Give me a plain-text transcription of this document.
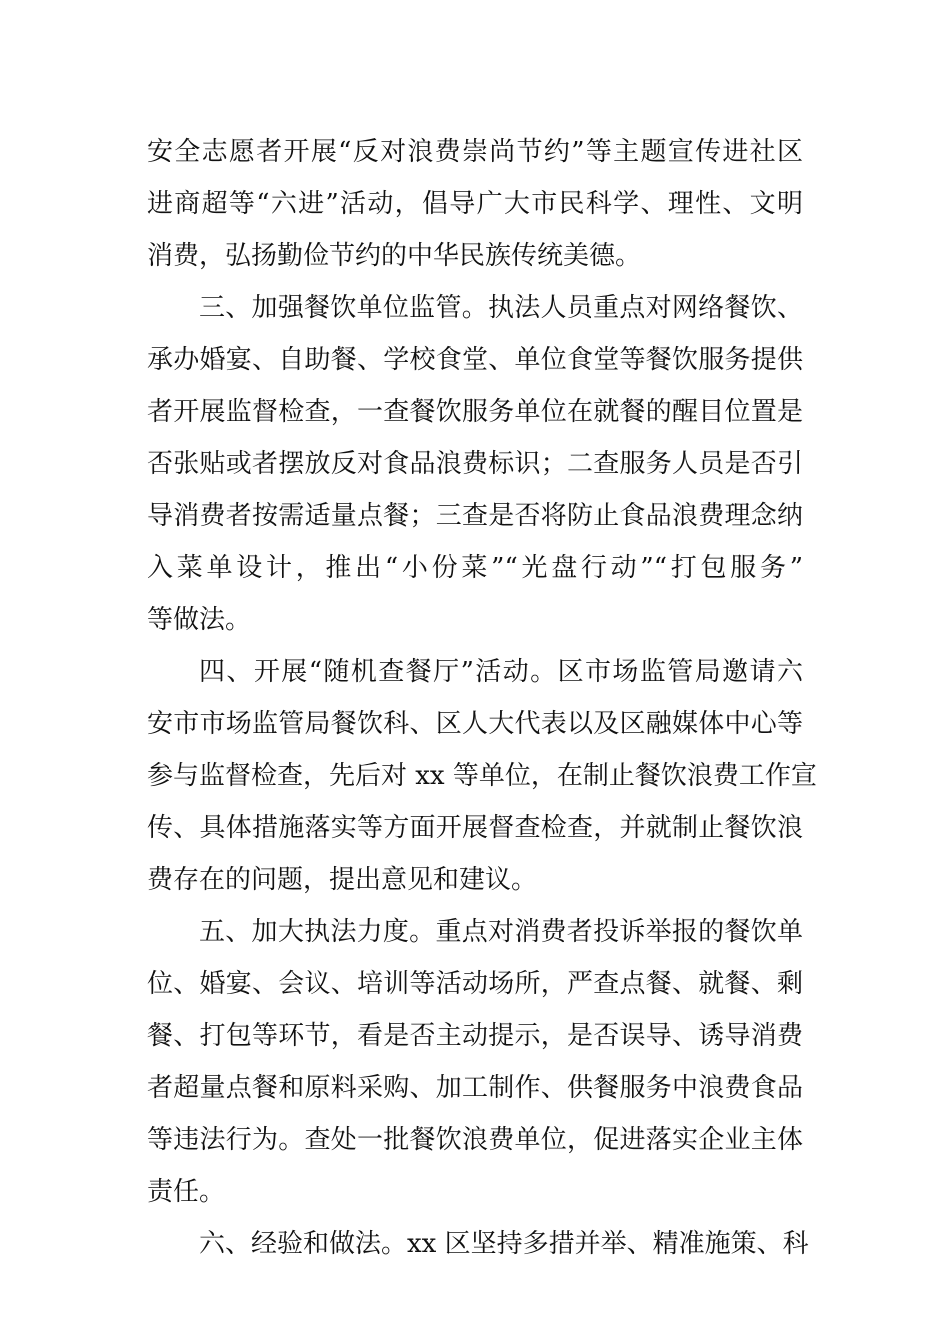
安全志愿者开展“反对浪费崇尚节约”等主题宣传进社区
进商超等“六进”活动，倡导广大市民科学、理性、文明
消费，弘扬勤俭节约的中华民族传统美德。
三、加强餐饮单位监管。执法人员重点对网络餐饮、
承办婚宴、自助餐、学校食堂、单位食堂等餐饮服务提供
者开展监督检查，一查餐饮服务单位在就餐的醒目位置是
否张贴或者摆放反对食品浪费标识；二查服务人员是否引
导消费者按需适量点餐；三查是否将防止食品浪费理念纳
入菜单设计，推出“小份菜”“光盘行动”“打包服务”
等做法。
四、开展“随机查餐厅”活动。区市场监管局邀请六
安市市场监管局餐饮科、区人大代表以及区融媒体中心等
参与监督检查，先后对 xx 等单位，在制止餐饮浪费工作宣
传、具体措施落实等方面开展督查检查，并就制止餐饮浪
费存在的问题，提出意见和建议。
五、加大执法力度。重点对消费者投诉举报的餐饮单
位、婚宴、会议、培训等活动场所，严查点餐、就餐、剩
餐、打包等环节，看是否主动提示，是否误导、诱导消费
者超量点餐和原料采购、加工制作、供餐服务中浪费食品
等违法行为。查处一批餐饮浪费单位，促进落实企业主体
责任。
六、经验和做法。xx 区坚持多措并举、精准施策、科
